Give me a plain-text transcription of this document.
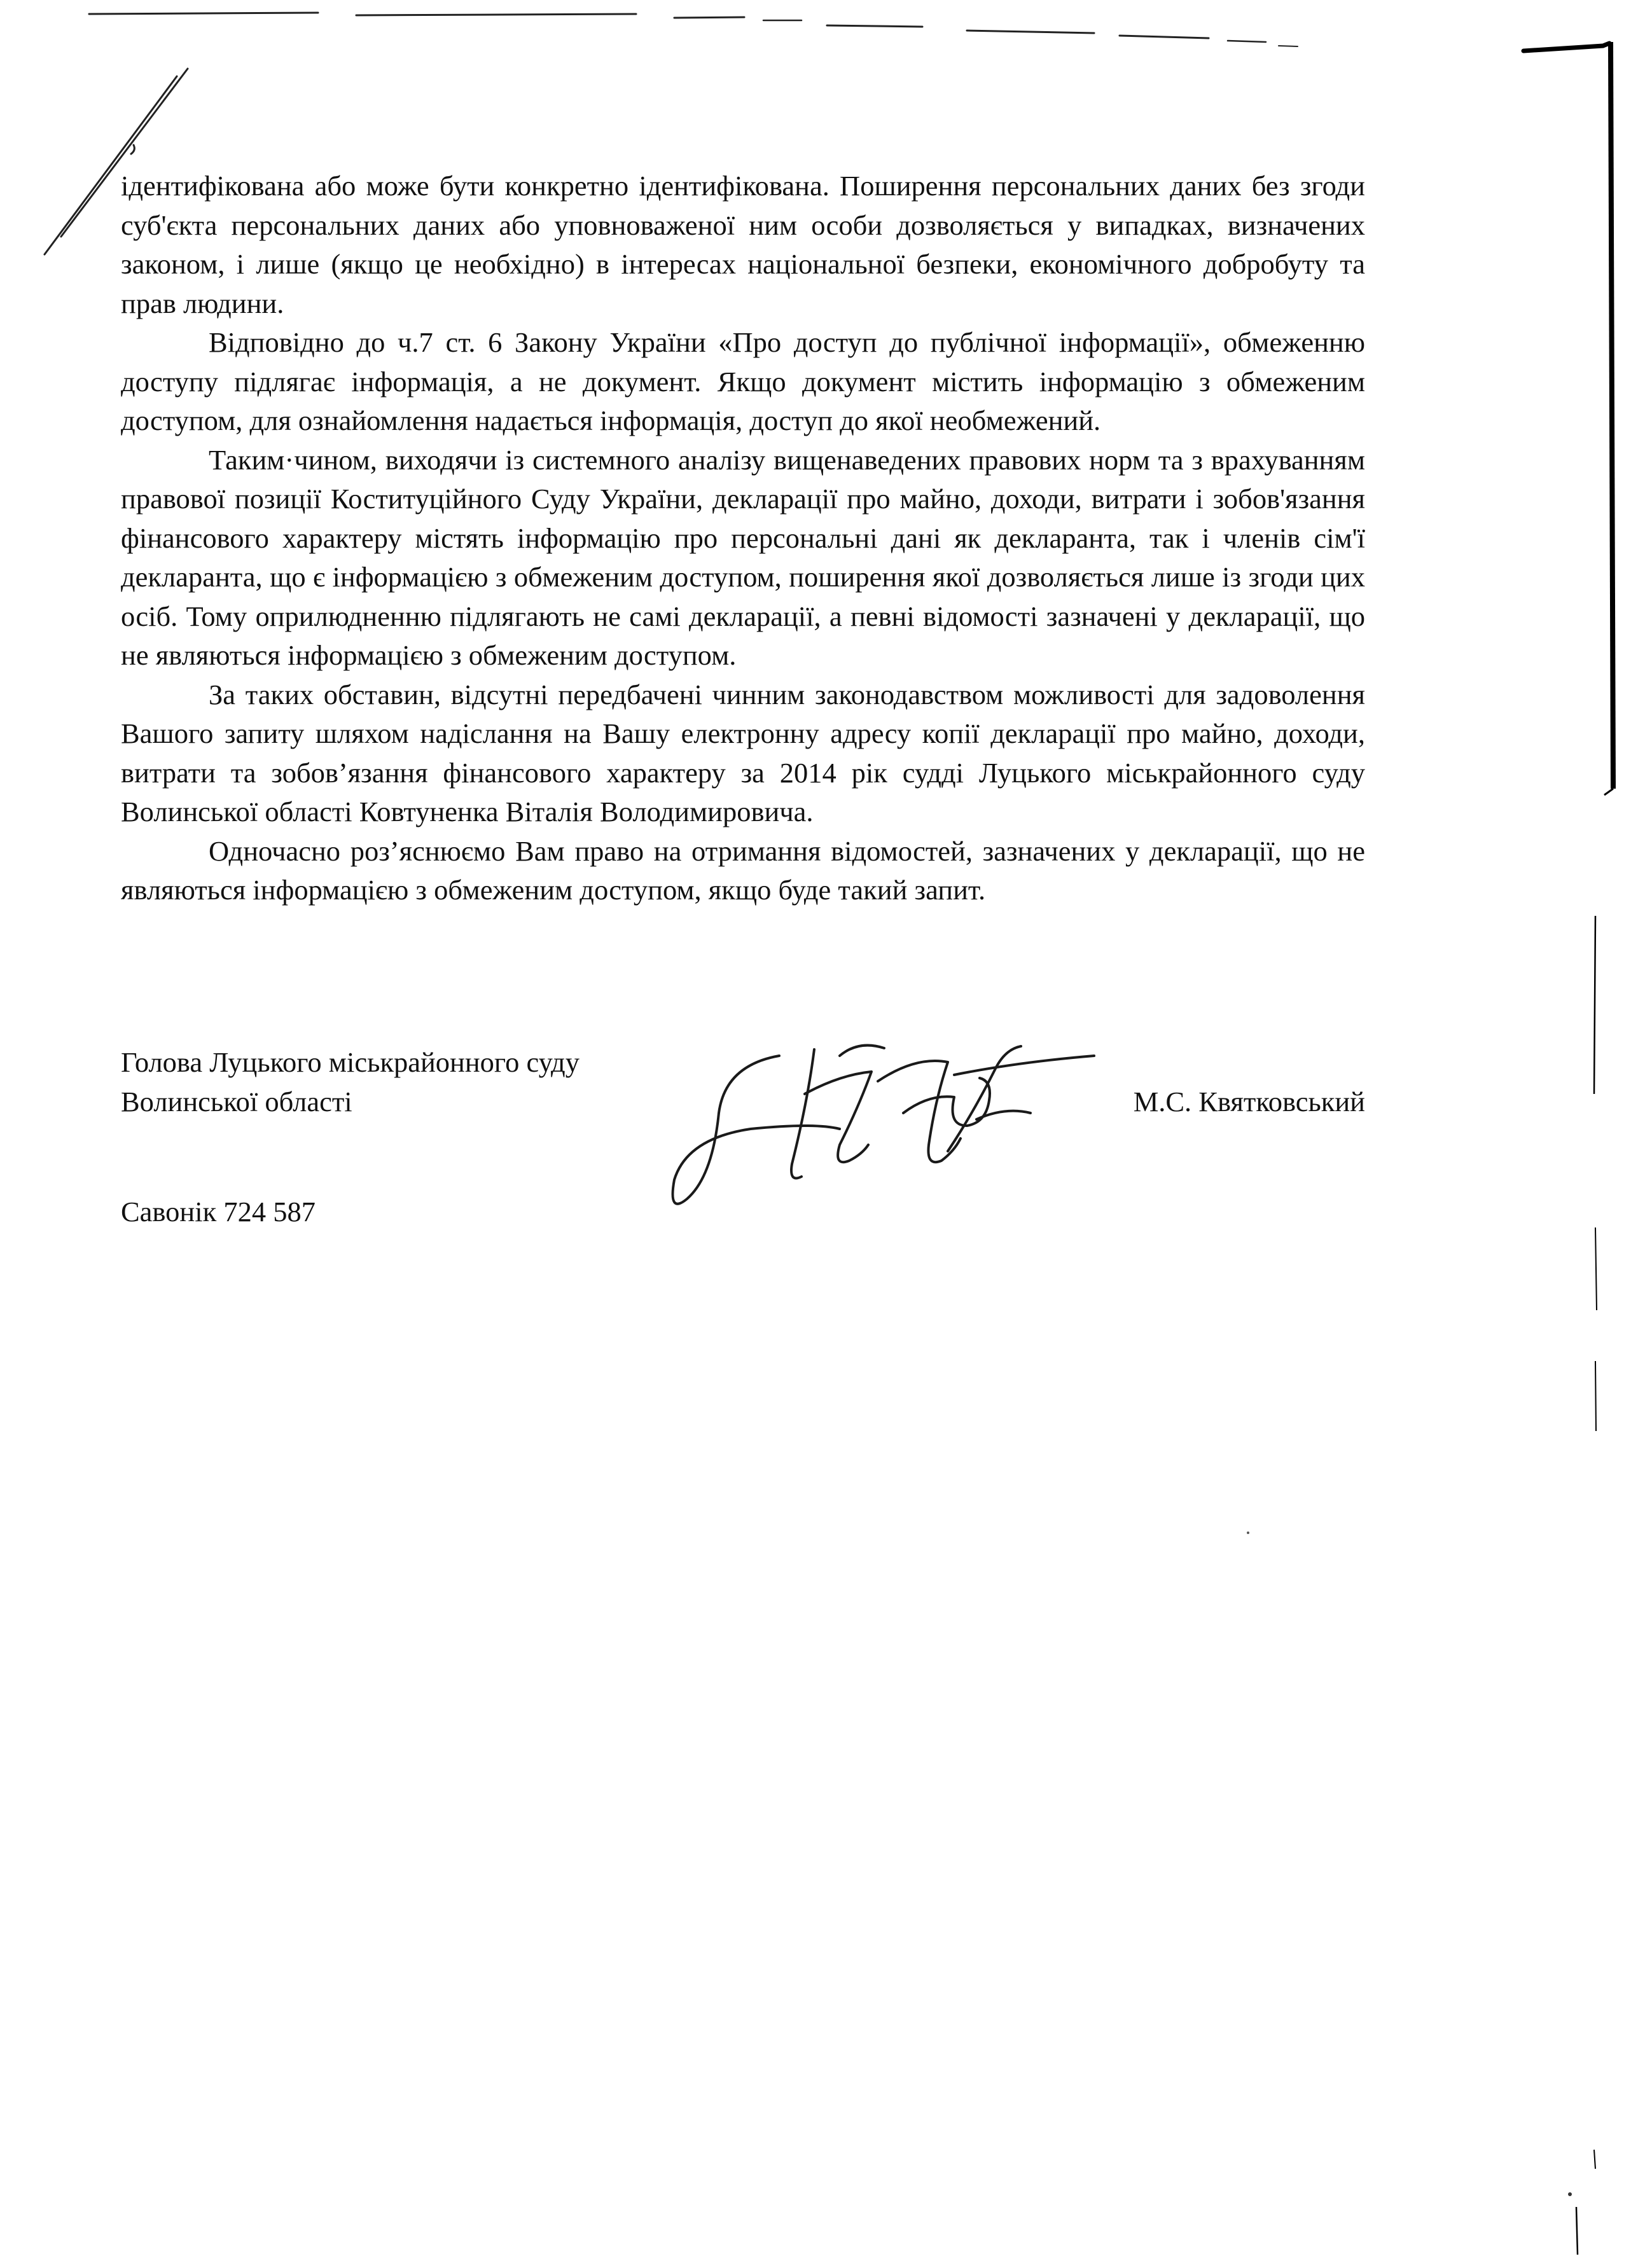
ідентифікована або може бути конкретно ідентифікована. Поширення персональних даних без згоди суб'єкта персональних даних або уповноваженої ним особи дозволяється у випадках, визначених законом, і лише (якщо це необхідно) в інтересах національної безпеки, економічного добробуту та прав людини.

Відповідно до ч.7 ст. 6 Закону України «Про доступ до публічної інформації», обмеженню доступу підлягає інформація, а не документ. Якщо документ містить інформацію з обмеженим доступом, для ознайомлення надається інформація, доступ до якої необмежений.

Таким·чином, виходячи із системного аналізу вищенаведених правових норм та з врахуванням правової позиції Коституційного Суду України, декларації про майно, доходи, витрати і зобов'язання фінансового характеру містять інформацію про персональні дані як декларанта, так і членів сім'ї декларанта, що є інформацією з обмеженим доступом, поширення якої дозволяється лише із згоди цих осіб. Тому оприлюдненню підлягають не самі декларації, а певні відомості зазначені у декларації, що не являються інформацією з обмеженим доступом.

За таких обставин, відсутні передбачені чинним законодавством можливості для задоволення Вашого запиту шляхом надіслання на Вашу електронну адресу копії декларації про майно, доходи, витрати та зобов’язання фінансового характеру за 2014 рік судді Луцького міськрайонного суду Волинської області Ковтуненка Віталія Володимировича.

Одночасно роз’яснюємо Вам право на отримання відомостей, зазначених у декларації, що не являються інформацією з обмеженим доступом, якщо буде такий запит.

Голова Луцького міськрайонного суду
Волинської області	М.С. Квятковський
Савонік 724 587
